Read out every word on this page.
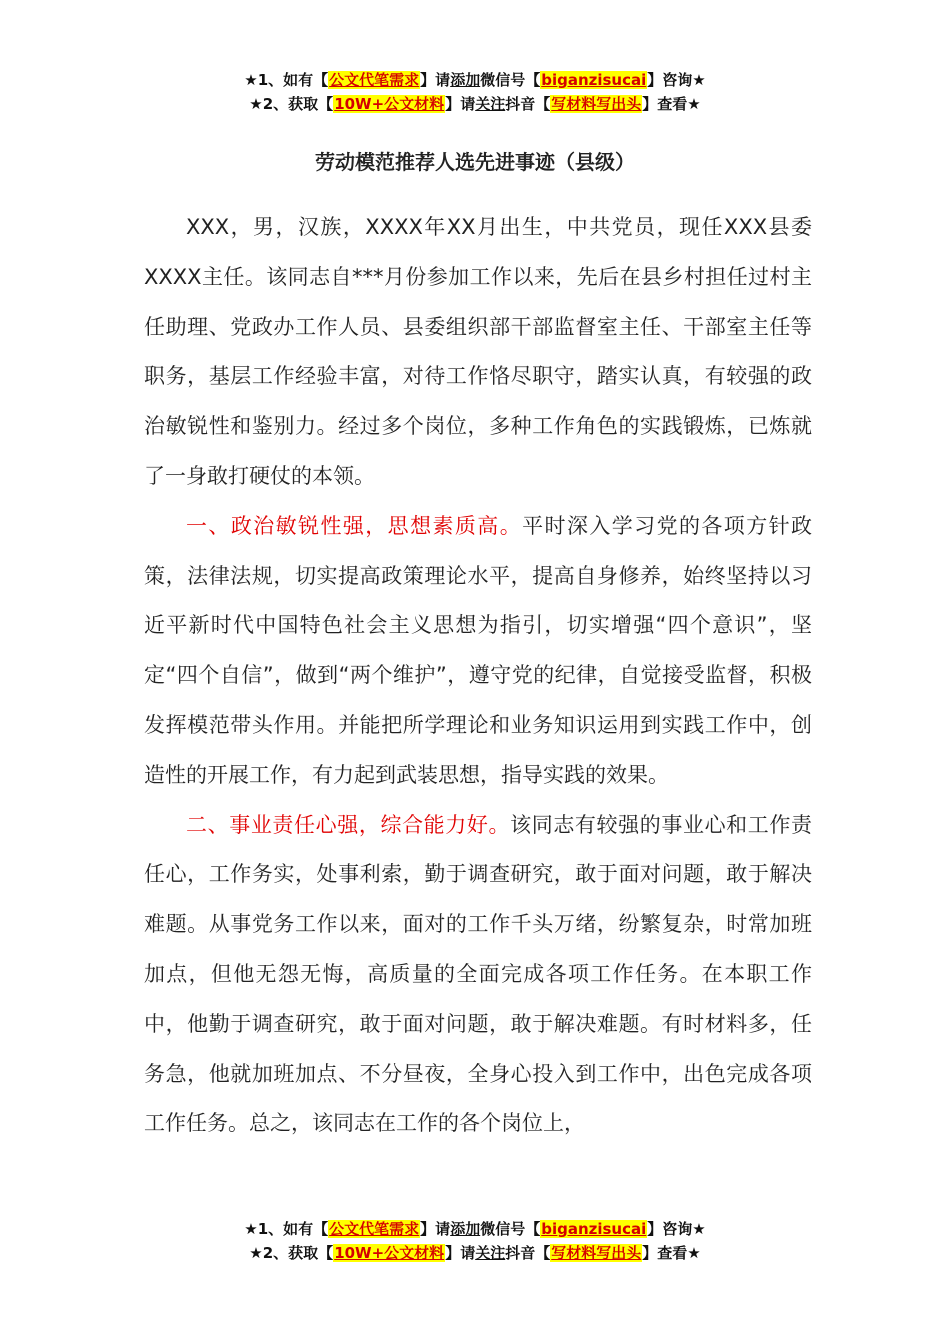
★1、如有【公文代笔需求】请添加微信号【biganzisucai】咨询★
★2、获取【10W+公文材料】请关注抖音【写材料写出头】查看★
劳动模范推荐人选先进事迹（县级）

XXX，男，汉族，XXXX年XX月出生，中共党员，现任XXX县委XXXX主任。该同志自***月份参加工作以来，先后在县乡村担任过村主任助理、党政办工作人员、县委组织部干部监督室主任、干部室主任等职务，基层工作经验丰富，对待工作恪尽职守，踏实认真，有较强的政治敏锐性和鉴别力。经过多个岗位，多种工作角色的实践锻炼，已炼就了一身敢打硬仗的本领。

一、政治敏锐性强，思想素质高。平时深入学习党的各项方针政策，法律法规，切实提高政策理论水平，提高自身修养，始终坚持以习近平新时代中国特色社会主义思想为指引，切实增强“四个意识”，坚定“四个自信”，做到“两个维护”，遵守党的纪律，自觉接受监督，积极发挥模范带头作用。并能把所学理论和业务知识运用到实践工作中，创造性的开展工作，有力起到武装思想，指导实践的效果。

二、事业责任心强，综合能力好。该同志有较强的事业心和工作责任心，工作务实，处事利索，勤于调查研究，敢于面对问题，敢于解决难题。从事党务工作以来，面对的工作千头万绪，纷繁复杂，时常加班加点，但他无怨无悔，高质量的全面完成各项工作任务。在本职工作中，他勤于调查研究，敢于面对问题，敢于解决难题。有时材料多，任务急，他就加班加点、不分昼夜，全身心投入到工作中，出色完成各项工作任务。总之，该同志在工作的各个岗位上，

★1、如有【公文代笔需求】请添加微信号【biganzisucai】咨询★
★2、获取【10W+公文材料】请关注抖音【写材料写出头】查看★
